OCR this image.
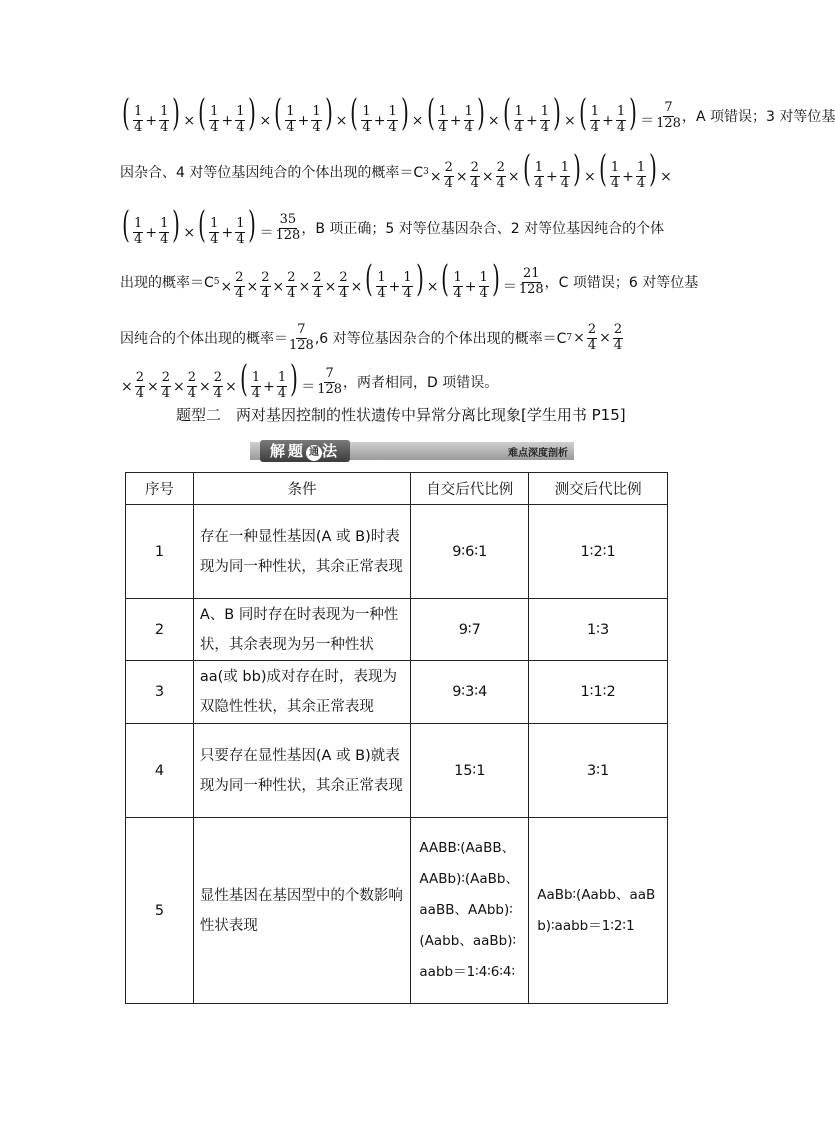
( $\frac{1}{4} + \frac{1}{4}$ ) ×( $\frac{1}{4} + \frac{1}{4}$ ) ×( $\frac{1}{4} + \frac{1}{4}$ ) ×( $\frac{1}{4} + \frac{1}{4}$ ) ×( $\frac{1}{4} + \frac{1}{4}$ ) ×( $\frac{1}{4} + \frac{1}{4}$ ) ×( $\frac{1}{4} + \frac{1}{4}$ ) ＝ $\frac{7}{128}$ ，A 项错误；3 对等位基
因杂合、4 对等位基因纯合的个体出现的概率＝C $3 \times \frac{2}{4} \times \frac{2}{4} \times \frac{2}{4}$ ×( $\frac{1}{4} + \frac{1}{4}$ ) ×( $\frac{1}{4} + \frac{1}{4}$ ) ×
( $\frac{1}{4} + \frac{1}{4}$ ) ×( $\frac{1}{4} + \frac{1}{4}$ ) ＝ $\frac{35}{128}$ ，B 项正确；5 对等位基因杂合、2 对等位基因纯合的个体
出现的概率＝C $5 \times \frac{2}{4} \times \frac{2}{4} \times \frac{2}{4} \times \frac{2}{4} \times \frac{2}{4}$ ×( $\frac{1}{4} + \frac{1}{4}$ ) ×( $\frac{1}{4} + \frac{1}{4}$ ) ＝ $\frac{21}{128}$ ，C 项错误；6 对等位基
因纯合的个体出现的概率＝ $\frac{7}{128} ,6$ 对等位基因杂合的个体出现的概率＝C $7 \times \frac{2}{4} \times \frac{2}{4}$
× $\frac{2}{4} \times \frac{2}{4} \times \frac{2}{4} \times \frac{2}{4}$ ×( $\frac{1}{4} + \frac{1}{4}$ ) ＝ $\frac{7}{128}$ ，两者相同，D 项错误。
题型二　两对基因控制的性状遗传中异常分离比现象[学生用书 P15]
解题 通 法	难点深度剖析
序号	条件	自交后代比例	测交后代比例
1	存在一种显性基因(A 或 B)时表现为同一种性状，其余正常表现	9∶6∶1	1∶2∶1
2	A、B 同时存在时表现为一种性状，其余表现为另一种性状	9∶7	1∶3
3	aa(或 bb)成对存在时，表现为双隐性性状，其余正常表现	9∶3∶4	1∶1∶2
4	只要存在显性基因(A 或 B)就表现为同一种性状，其余正常表现	15∶1	3∶1
5	显性基因在基因型中的个数影响性状表现	AABB∶(AaBB、AABb)∶(AaBb、aaBB、AAbb)∶(Aabb、aaBb)∶aabb＝1∶4∶6∶4∶	AaBb∶(Aabb、aaBb)∶aabb＝1∶2∶1
